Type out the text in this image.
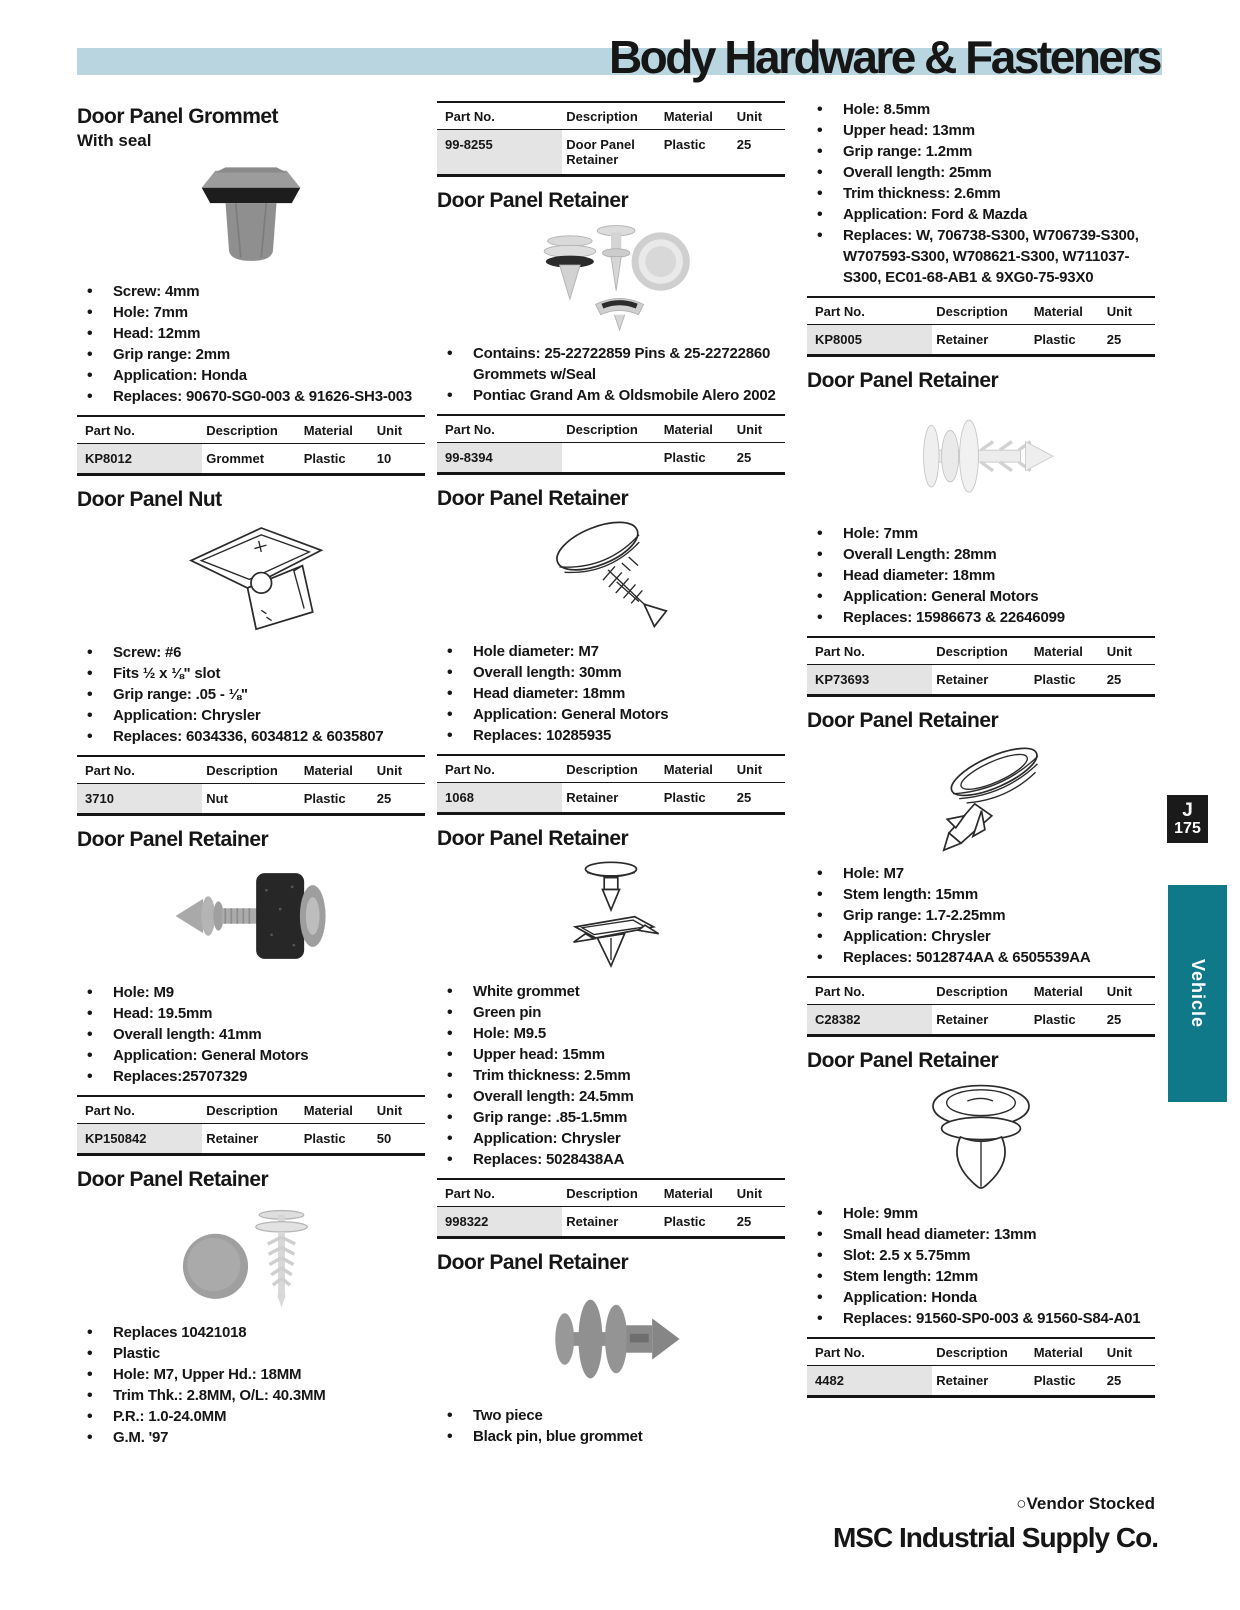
Body Hardware & Fasteners
Door Panel Grommet
With seal
• Screw: 4mm
• Hole: 7mm
• Head: 12mm
• Grip range: 2mm
• Application: Honda
• Replaces: 90670-SG0-003 & 91626-SH3-003
Part No.	Description	Material	Unit
KP8012	Grommet	Plastic	10
Door Panel Nut
• Screw: #6
• Fits ½ x ⅛" slot
• Grip range: .05 - ⅛"
• Application: Chrysler
• Replaces: 6034336, 6034812 & 6035807
Part No.	Description	Material	Unit
3710	Nut	Plastic	25
Door Panel Retainer
• Hole: M9
• Head: 19.5mm
• Overall length: 41mm
• Application: General Motors
• Replaces:25707329
Part No.	Description	Material	Unit
KP150842	Retainer	Plastic	50
Door Panel Retainer
• Replaces 10421018
• Plastic
• Hole: M7, Upper Hd.: 18MM
• Trim Thk.: 2.8MM, O/L: 40.3MM
• P.R.: 1.0-24.0MM
• G.M. '97
Part No.	Description	Material	Unit
99-8255	Door Panel Retainer	Plastic	25
Door Panel Retainer
• Contains: 25-22722859 Pins & 25-22722860 Grommets w/Seal
• Pontiac Grand Am & Oldsmobile Alero 2002
Part No.	Description	Material	Unit
99-8394		Plastic	25
Door Panel Retainer
• Hole diameter: M7
• Overall length: 30mm
• Head diameter: 18mm
• Application: General Motors
• Replaces: 10285935
Part No.	Description	Material	Unit
1068	Retainer	Plastic	25
Door Panel Retainer
• White grommet
• Green pin
• Hole: M9.5
• Upper head: 15mm
• Trim thickness: 2.5mm
• Overall length: 24.5mm
• Grip range: .85-1.5mm
• Application: Chrysler
• Replaces: 5028438AA
Part No.	Description	Material	Unit
998322	Retainer	Plastic	25
Door Panel Retainer
• Two piece
• Black pin, blue grommet
• Hole: 8.5mm
• Upper head: 13mm
• Grip range: 1.2mm
• Overall length: 25mm
• Trim thickness: 2.6mm
• Application: Ford & Mazda
• Replaces: W, 706738-S300, W706739-S300, W707593-S300, W708621-S300, W711037-S300, EC01-68-AB1 & 9XG0-75-93X0
Part No.	Description	Material	Unit
KP8005	Retainer	Plastic	25
Door Panel Retainer
• Hole: 7mm
• Overall Length: 28mm
• Head diameter: 18mm
• Application: General Motors
• Replaces: 15986673 & 22646099
Part No.	Description	Material	Unit
KP73693	Retainer	Plastic	25
Door Panel Retainer
• Hole: M7
• Stem length: 15mm
• Grip range: 1.7-2.25mm
• Application: Chrysler
• Replaces: 5012874AA & 6505539AA
Part No.	Description	Material	Unit
C28382	Retainer	Plastic	25
Door Panel Retainer
• Hole: 9mm
• Small head diameter: 13mm
• Slot: 2.5 x 5.75mm
• Stem length: 12mm
• Application: Honda
• Replaces: 91560-SP0-003 & 91560-S84-A01
Part No.	Description	Material	Unit
4482	Retainer	Plastic	25
J
175
Vehicle
○Vendor Stocked
MSC Industrial Supply Co.
